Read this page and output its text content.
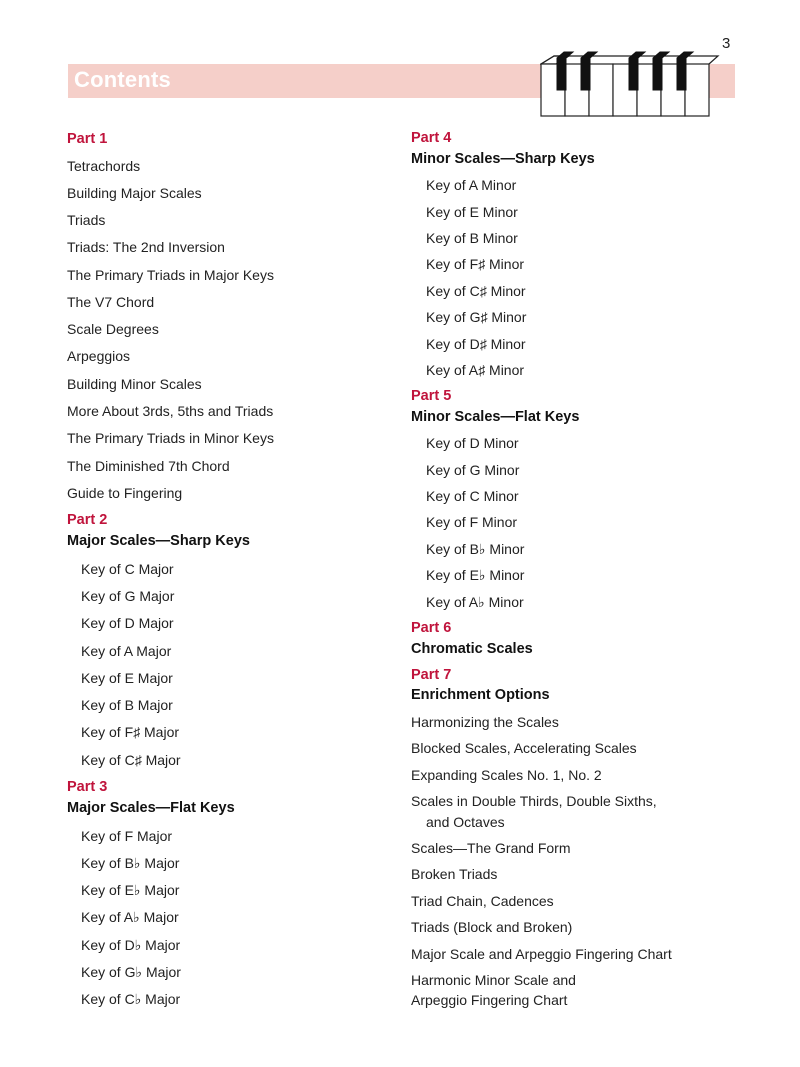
3
Contents
Part 1
Tetrachords
Building Major Scales
Triads
Triads: The 2nd Inversion
The Primary Triads in Major Keys
The V7 Chord
Scale Degrees
Arpeggios
Building Minor Scales
More About 3rds, 5ths and Triads
The Primary Triads in Minor Keys
The Diminished 7th Chord
Guide to Fingering
Part 2
Major Scales—Sharp Keys
Key of C Major
Key of G Major
Key of D Major
Key of A Major
Key of E Major
Key of B Major
Key of F♯ Major
Key of C♯ Major
Part 3
Major Scales—Flat Keys
Key of F Major
Key of B♭ Major
Key of E♭ Major
Key of A♭ Major
Key of D♭ Major
Key of G♭ Major
Key of C♭ Major
Part 4
Minor Scales—Sharp Keys
Key of A Minor
Key of E Minor
Key of B Minor
Key of F♯ Minor
Key of C♯ Minor
Key of G♯ Minor
Key of D♯ Minor
Key of A♯ Minor
Part 5
Minor Scales—Flat Keys
Key of D Minor
Key of G Minor
Key of C Minor
Key of F Minor
Key of B♭ Minor
Key of E♭ Minor
Key of A♭ Minor
Part 6
Chromatic Scales
Part 7
Enrichment Options
Harmonizing the Scales
Blocked Scales, Accelerating Scales
Expanding Scales No. 1, No. 2
Scales in Double Thirds, Double Sixths,
and Octaves
Scales—The Grand Form
Broken Triads
Triad Chain, Cadences
Triads (Block and Broken)
Major Scale and Arpeggio Fingering Chart
Harmonic Minor Scale and
Arpeggio Fingering Chart
